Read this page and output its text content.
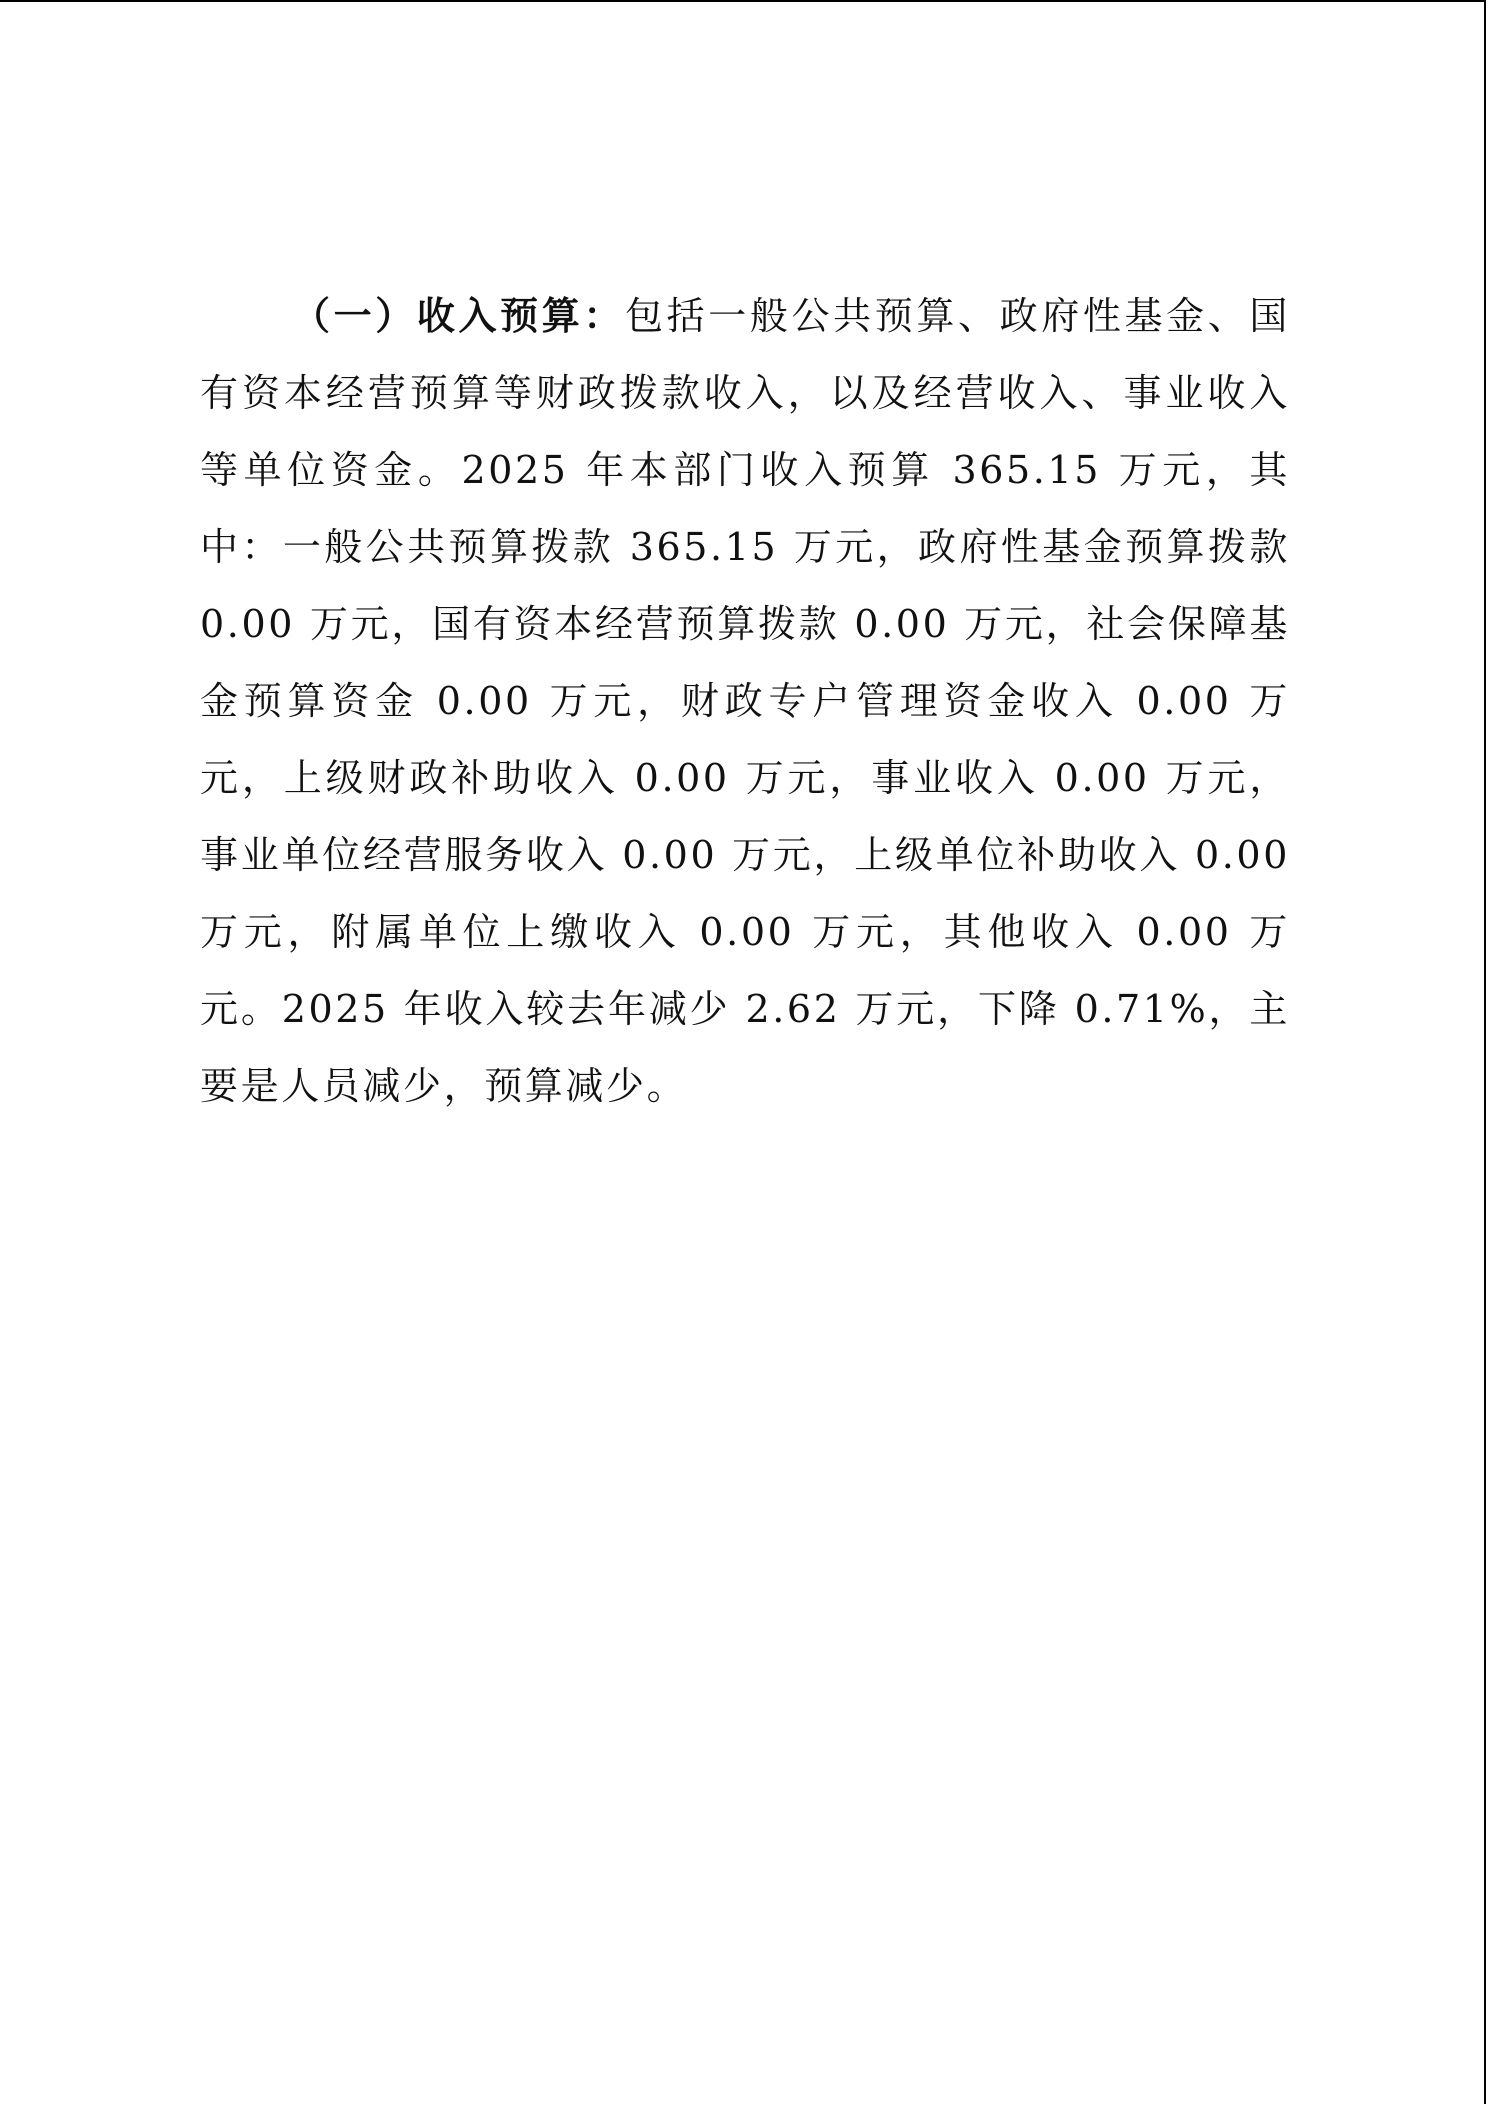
（一）收入预算：包括一般公共预算、政府性基金、国有资本经营预算等财政拨款收入，以及经营收入、事业收入等单位资金。2025 年本部门收入预算 365.15 万元，其中：一般公共预算拨款 365.15 万元，政府性基金预算拨款 0.00 万元，国有资本经营预算拨款 0.00 万元，社会保障基金预算资金 0.00 万元，财政专户管理资金收入 0.00 万元，上级财政补助收入 0.00 万元，事业收入 0.00 万元，事业单位经营服务收入 0.00 万元，上级单位补助收入 0.00 万元，附属单位上缴收入 0.00 万元，其他收入 0.00 万元。2025 年收入较去年减少 2.62 万元，下降 0.71%，主要是人员减少，预算减少。
